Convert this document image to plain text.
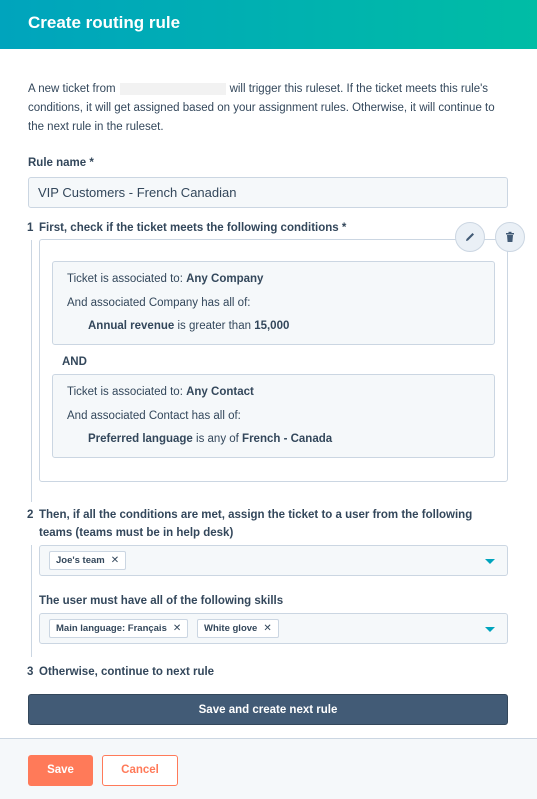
Create routing rule
A new ticket from	will trigger this ruleset. If the ticket meets this rule's conditions, it will get assigned based on your assignment rules. Otherwise, it will continue to the next rule in the ruleset.
Rule name *
VIP Customers - French Canadian
1 First, check if the ticket meets the following conditions *
Ticket is associated to: Any Company
And associated Company has all of:
Annual revenue is greater than 15,000
AND
Ticket is associated to: Any Contact
And associated Contact has all of:
Preferred language is any of French - Canada
2 Then, if all the conditions are met, assign the ticket to a user from the following
teams (teams must be in help desk)
Joe's team ✕
The user must have all of the following skills
Main language: Français ✕	White glove ✕
3 Otherwise, continue to next rule
Save and create next rule
Save	Cancel
